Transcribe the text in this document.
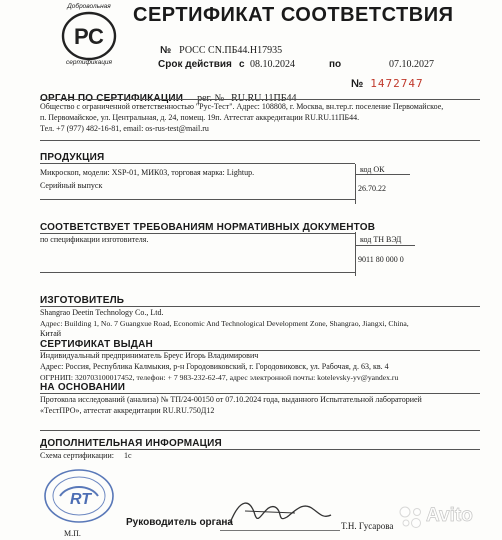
P C
Добровольная
сертификация
СЕРТИФИКАТ СООТВЕТСТВИЯ
№ РОСС CN.ПБ44.H17935
Срок действия с 08.10.2024	по	07.10.2027
№ 1472747
Общество с ограниченной ответственностью "Рус-Тест". Адрес: 108808, г. Москва, вн.тер.г. поселение Первомайское,
п. Первомайское, ул. Центральная, д. 24, помещ. 19п. Аттестат аккредитации RU.RU.11ПБ44.
Тел. +7 (977) 482-16-81, email: os-rus-test@mail.ru
ПРОДУКЦИЯ
Микроскоп, модели: XSP-01, МИК03, торговая марка: Lightup.
Серийный выпуск
код ОК
26.70.22
СООТВЕТСТВУЕТ ТРЕБОВАНИЯМ НОРМАТИВНЫХ ДОКУМЕНТОВ
по спецификации изготовителя.	код ТН ВЭД
9011 80 000 0
ИЗГОТОВИТЕЛЬ
Shangrao Deetin Technology Co., Ltd.
Адрес: Building 1, No. 7 Guangxue Road, Economic And Technological Development Zone, Shangrao, Jiangxi, China,
Китай
СЕРТИФИКАТ ВЫДАН
Индивидуальный предприниматель Бреус Игорь Владимирович
Адрес: Россия, Республика Калмыкия, р-н Городовиковский, г. Городовиковск, ул. Рабочая, д. 63, кв. 4
ОГРНИП: 320703100017452, телефон: + 7 983-232-62-47, адрес электронной почты: kotelevsky-yv@yandex.ru
НА ОСНОВАНИИ
Протокола исследований (анализа) № ТП/24-00150 от 07.10.2024 года, выданного Испытательной лабораторией
«ТестПРО», аттестат аккредитации RU.RU.750Д12
ДОПОЛНИТЕЛЬНАЯ ИНФОРМАЦИЯ
Схема сертификации: 1с
RT
Руководитель органа	Т.Н. Гусарова
М.П.
Avito
